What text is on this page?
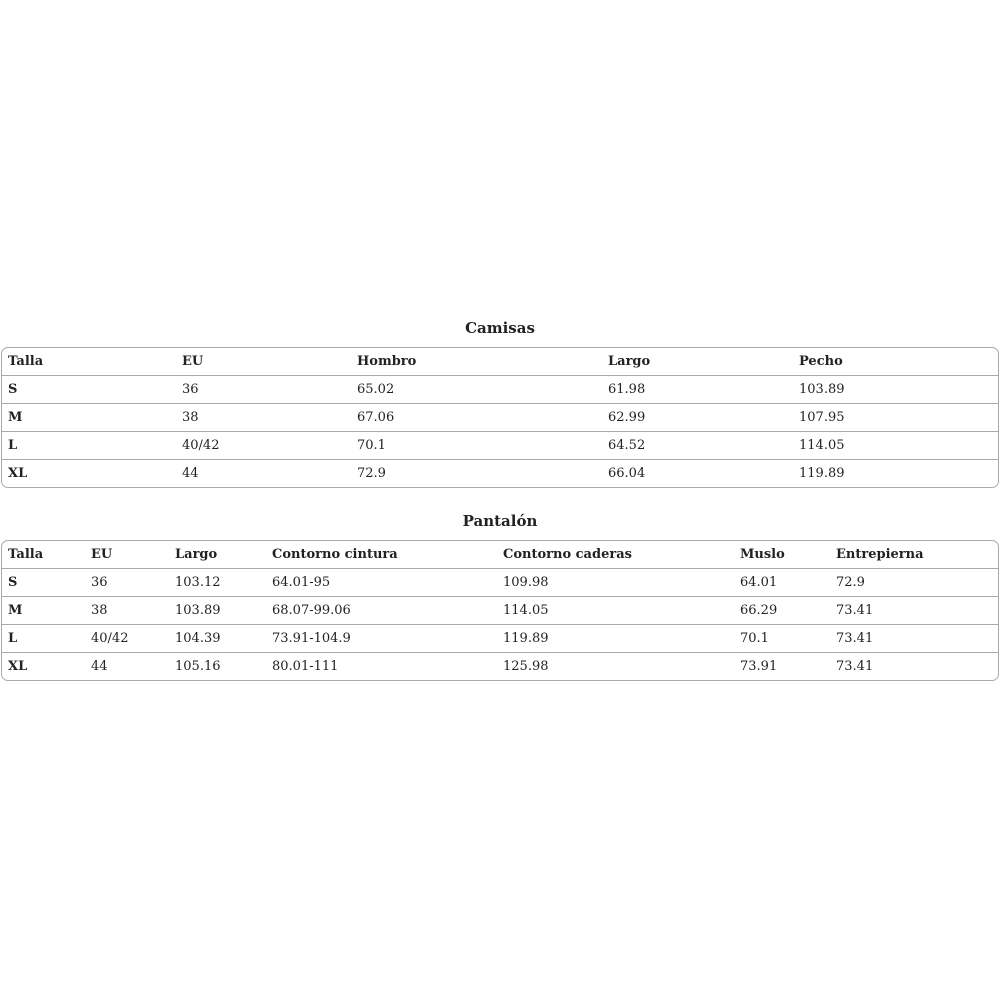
Camisas
Talla	EU	Hombro	Largo	Pecho
S	36	65.02	61.98	103.89
M	38	67.06	62.99	107.95
L	40/42	70.1	64.52	114.05
XL	44	72.9	66.04	119.89
Pantalón
Talla	EU	Largo	Contorno cintura	Contorno caderas	Muslo	Entrepierna
S	36	103.12	64.01-95	109.98	64.01	72.9
M	38	103.89	68.07-99.06	114.05	66.29	73.41
L	40/42	104.39	73.91-104.9	119.89	70.1	73.41
XL	44	105.16	80.01-111	125.98	73.91	73.41
